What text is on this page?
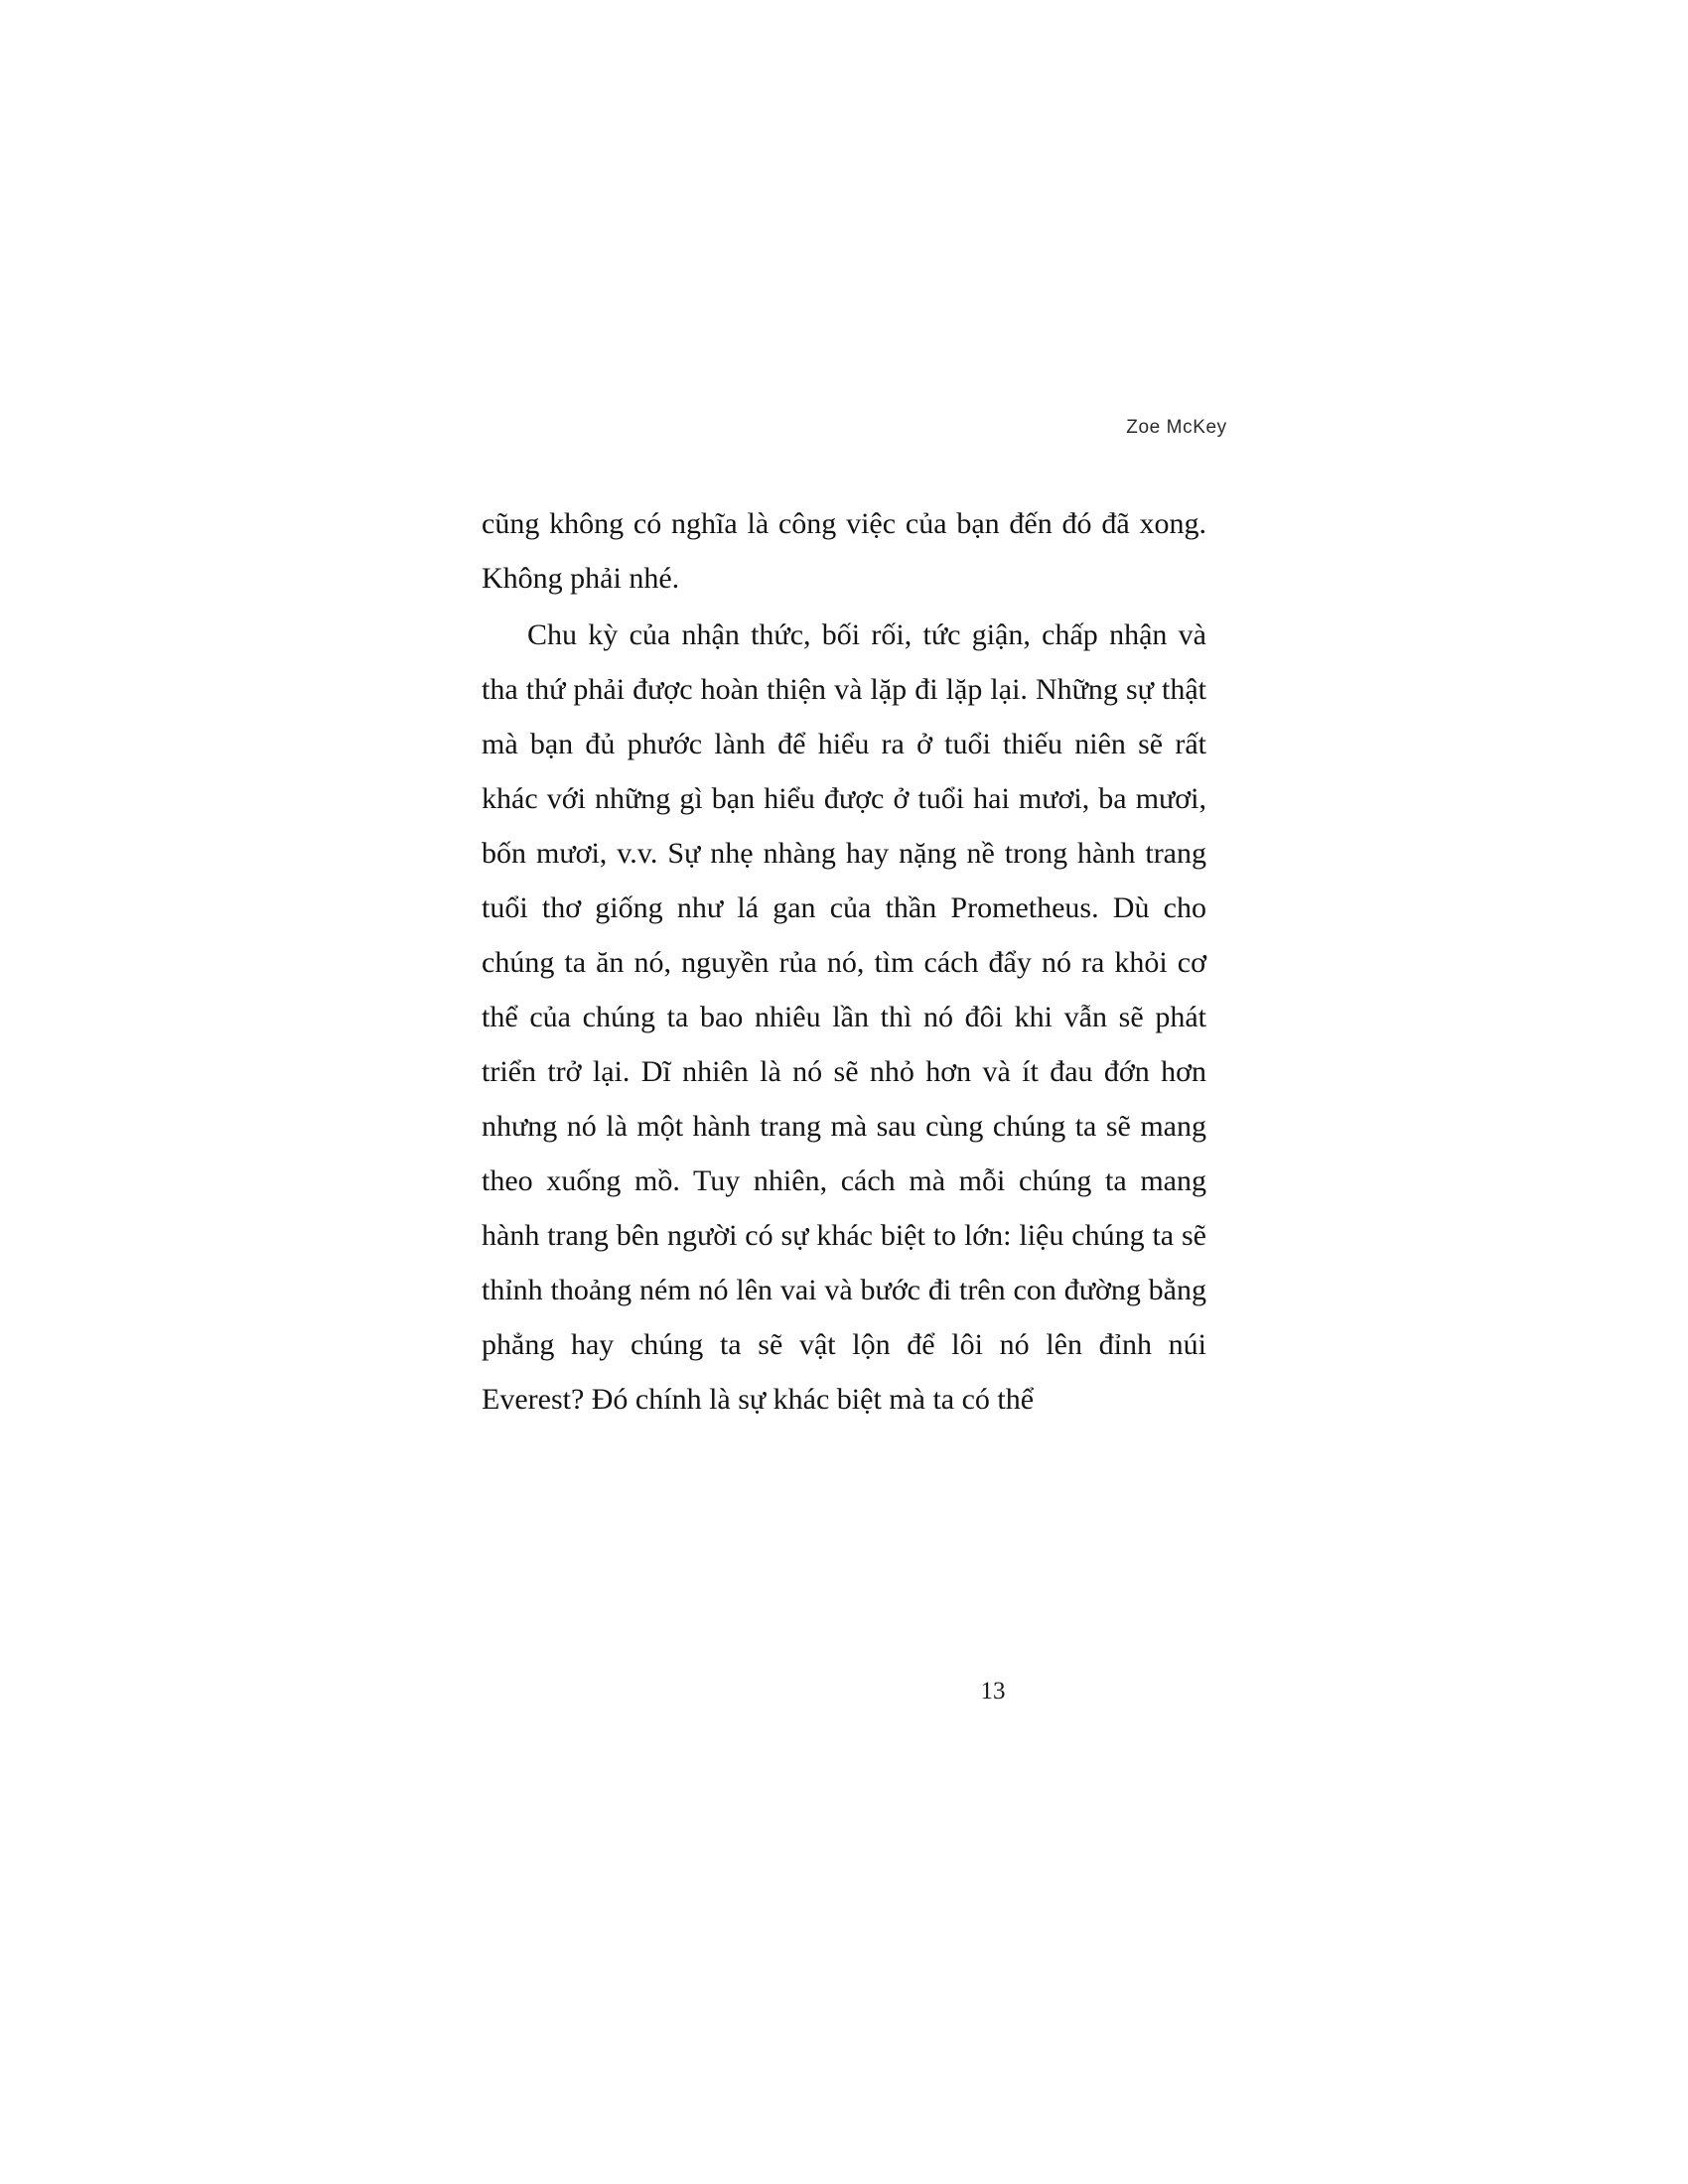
Zoe McKey

cũng không có nghĩa là công việc của bạn đến đó đã xong. Không phải nhé.

Chu kỳ của nhận thức, bối rối, tức giận, chấp nhận và tha thứ phải được hoàn thiện và lặp đi lặp lại. Những sự thật mà bạn đủ phước lành để hiểu ra ở tuổi thiếu niên sẽ rất khác với những gì bạn hiểu được ở tuổi hai mươi, ba mươi, bốn mươi, v.v. Sự nhẹ nhàng hay nặng nề trong hành trang tuổi thơ giống như lá gan của thần Prometheus. Dù cho chúng ta ăn nó, nguyền rủa nó, tìm cách đẩy nó ra khỏi cơ thể của chúng ta bao nhiêu lần thì nó đôi khi vẫn sẽ phát triển trở lại. Dĩ nhiên là nó sẽ nhỏ hơn và ít đau đớn hơn nhưng nó là một hành trang mà sau cùng chúng ta sẽ mang theo xuống mồ. Tuy nhiên, cách mà mỗi chúng ta mang hành trang bên người có sự khác biệt to lớn: liệu chúng ta sẽ thỉnh thoảng ném nó lên vai và bước đi trên con đường bằng phẳng hay chúng ta sẽ vật lộn để lôi nó lên đỉnh núi Everest? Đó chính là sự khác biệt mà ta có thể

13
